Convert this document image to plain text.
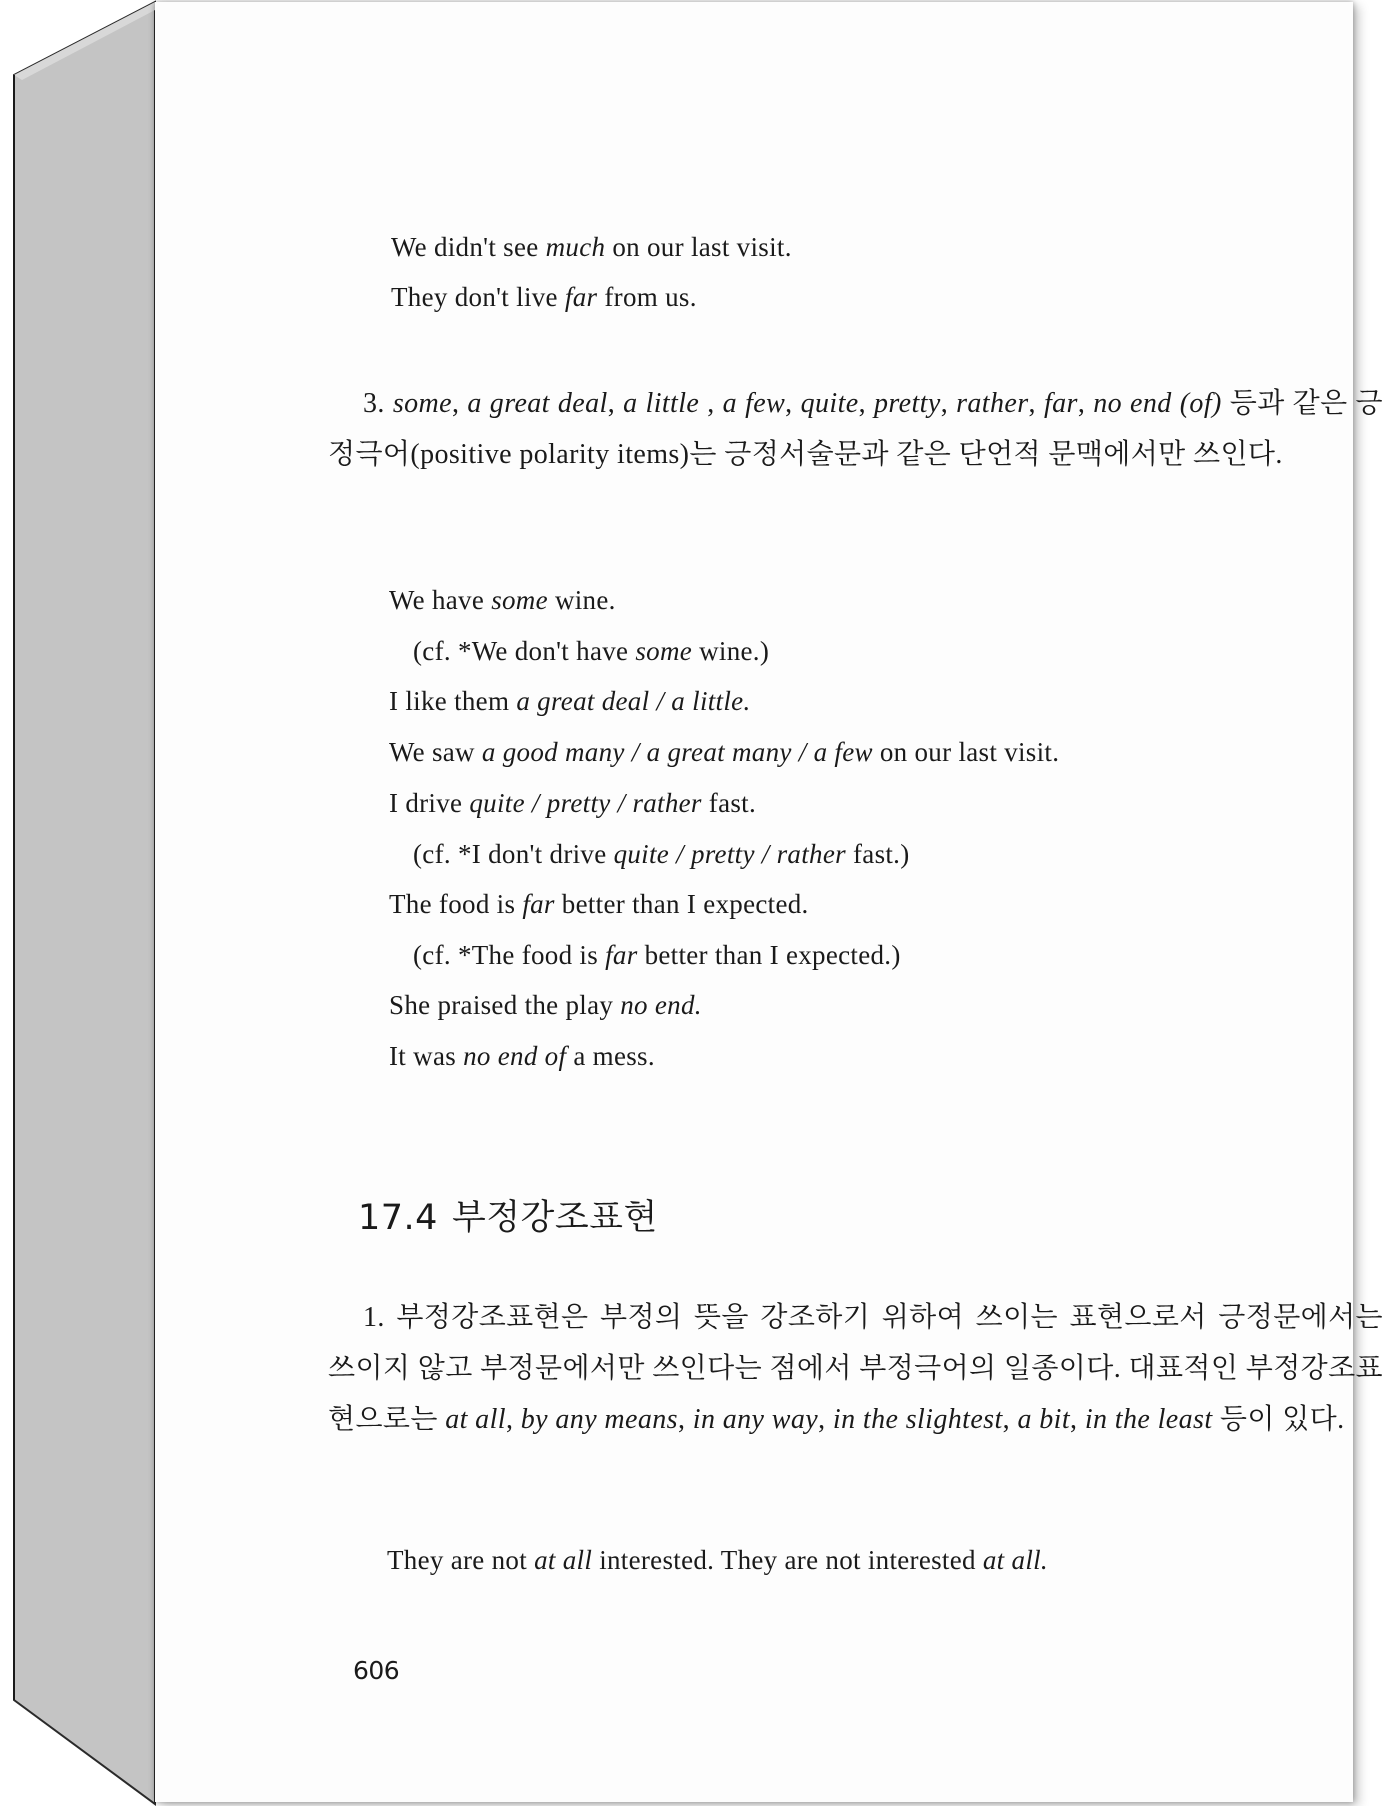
We didn't see much on our last visit.
They don't live far from us.
3. some, a great deal, a little , a few, quite, pretty, rather, far, no end (of) 등과 같은 긍정극어(positive polarity items)는 긍정서술문과 같은 단언적 문맥에서만 쓰인다.
We have some wine.
(cf. *We don't have some wine.)
I like them a great deal / a little.
We saw a good many / a great many / a few on our last visit.
I drive quite / pretty / rather fast.
(cf. *I don't drive quite / pretty / rather fast.)
The food is far better than I expected.
(cf. *The food is far better than I expected.)
She praised the play no end.
It was no end of a mess.
17.4 부정강조표현
1. 부정강조표현은 부정의 뜻을 강조하기 위하여 쓰이는 표현으로서 긍정문에서는 쓰이지 않고 부정문에서만 쓰인다는 점에서 부정극어의 일종이다. 대표적인 부정강조표현으로는 at all, by any means, in any way, in the slightest, a bit, in the least 등이 있다.
They are not at all interested. They are not interested at all.
606
